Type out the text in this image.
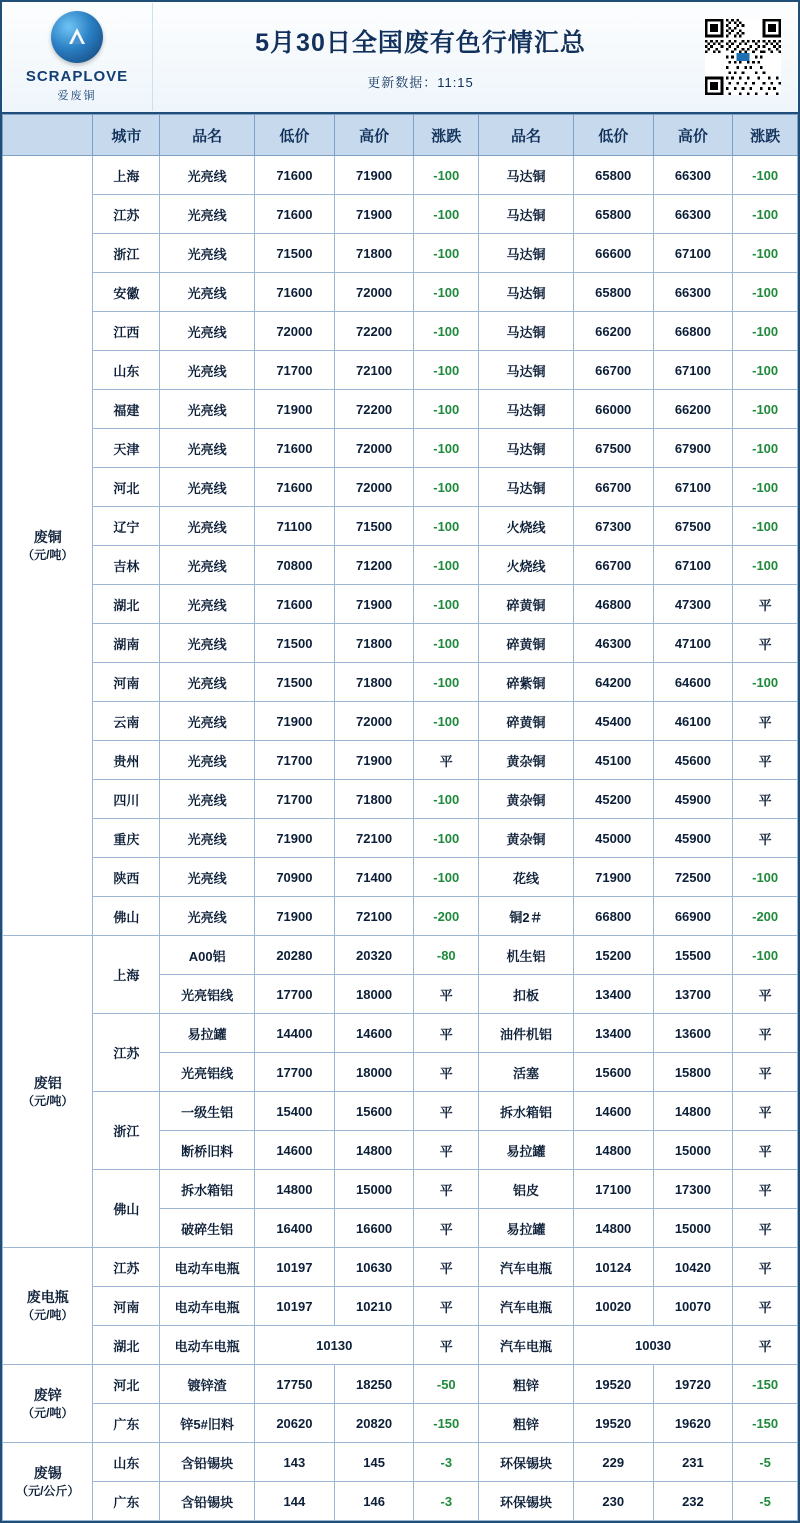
SCRAPLOVE
爱废铜
5月30日全国废有色行情汇总
更新数据：11:15
	城市	品名	低价	高价	涨跌	品名	低价	高价	涨跌

废铜
（元/吨）	上海	光亮线	71600	71900	-100	马达铜	65800	66300	-100
	江苏	光亮线	71600	71900	-100	马达铜	65800	66300	-100
	浙江	光亮线	71500	71800	-100	马达铜	66600	67100	-100
	安徽	光亮线	71600	72000	-100	马达铜	65800	66300	-100
	江西	光亮线	72000	72200	-100	马达铜	66200	66800	-100
	山东	光亮线	71700	72100	-100	马达铜	66700	67100	-100
	福建	光亮线	71900	72200	-100	马达铜	66000	66200	-100
	天津	光亮线	71600	72000	-100	马达铜	67500	67900	-100
	河北	光亮线	71600	72000	-100	马达铜	66700	67100	-100
	辽宁	光亮线	71100	71500	-100	火烧线	67300	67500	-100
	吉林	光亮线	70800	71200	-100	火烧线	66700	67100	-100
	湖北	光亮线	71600	71900	-100	碎黄铜	46800	47300	平
	湖南	光亮线	71500	71800	-100	碎黄铜	46300	47100	平
	河南	光亮线	71500	71800	-100	碎紫铜	64200	64600	-100
	云南	光亮线	71900	72000	-100	碎黄铜	45400	46100	平
	贵州	光亮线	71700	71900	平	黄杂铜	45100	45600	平
	四川	光亮线	71700	71800	-100	黄杂铜	45200	45900	平
	重庆	光亮线	71900	72100	-100	黄杂铜	45000	45900	平
	陕西	光亮线	70900	71400	-100	花线	71900	72500	-100
	佛山	光亮线	71900	72100	-200	铜2＃	66800	66900	-200

废铝
（元/吨）	上海	A00铝	20280	20320	-80	机生铝	15200	15500	-100
		光亮铝线	17700	18000	平	扣板	13400	13700	平
	江苏	易拉罐	14400	14600	平	油件机铝	13400	13600	平
		光亮铝线	17700	18000	平	活塞	15600	15800	平
	浙江	一级生铝	15400	15600	平	拆水箱铝	14600	14800	平
		断桥旧料	14600	14800	平	易拉罐	14800	15000	平
	佛山	拆水箱铝	14800	15000	平	铝皮	17100	17300	平
		破碎生铝	16400	16600	平	易拉罐	14800	15000	平

废电瓶
（元/吨）	江苏	电动车电瓶	10197	10630	平	汽车电瓶	10124	10420	平
	河南	电动车电瓶	10197	10210	平	汽车电瓶	10020	10070	平
	湖北	电动车电瓶	10130		平	汽车电瓶	10030		平

废锌
（元/吨）	河北	镀锌渣	17750	18250	-50	粗锌	19520	19720	-150
	广东	锌5#旧料	20620	20820	-150	粗锌	19520	19620	-150

废锡
（元/公斤）	山东	含铅锡块	143	145	-3	环保锡块	229	231	-5
	广东	含铅锡块	144	146	-3	环保锡块	230	232	-5
